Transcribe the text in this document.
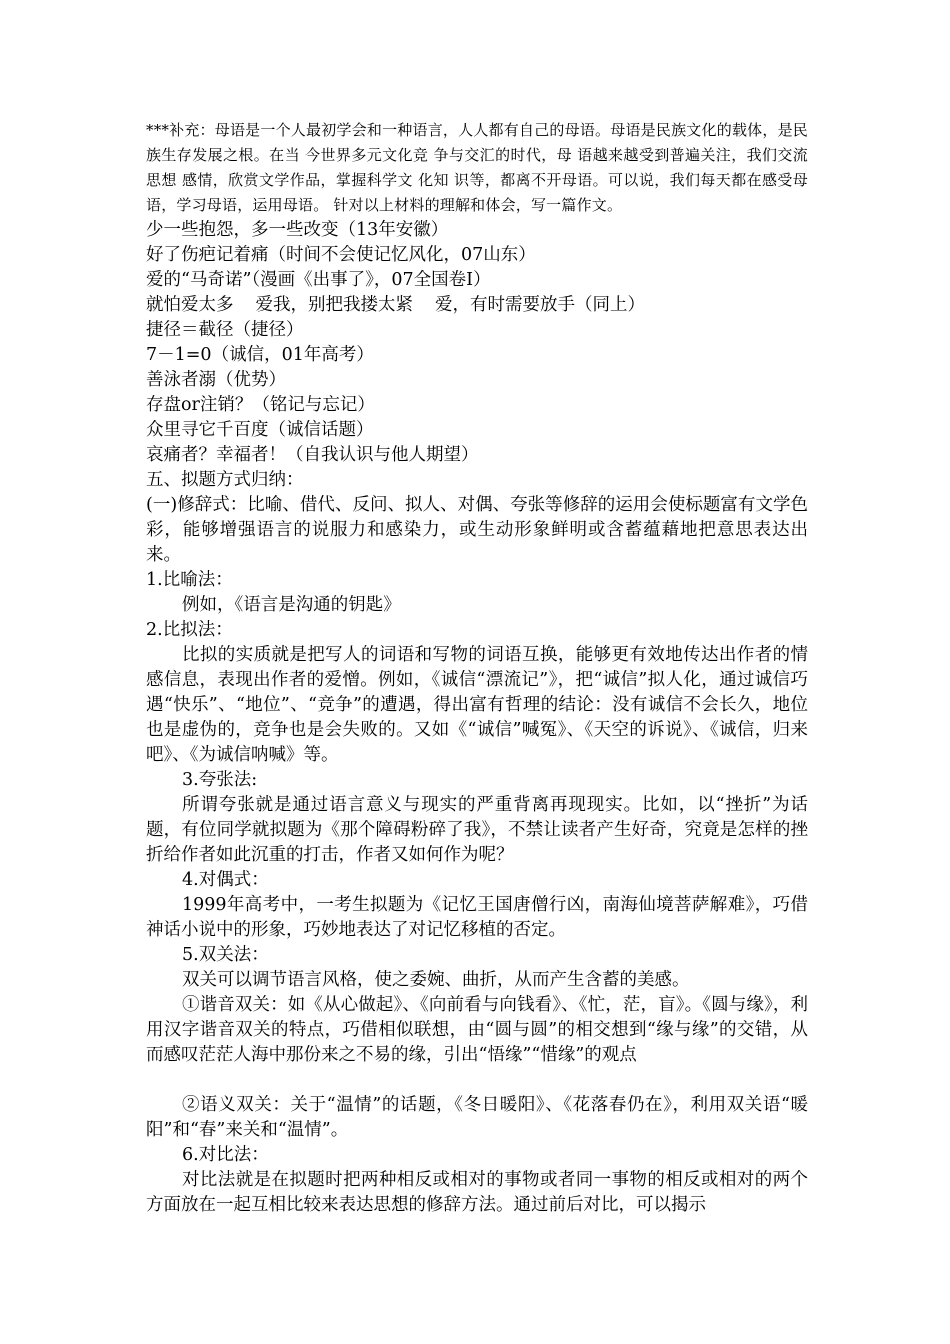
***补充：母语是一个人最初学会和一种语言，人人都有自己的母语。母语是民族文化的载体，是民族生存发展之根。在当 今世界多元文化竞 争与交汇的时代，母 语越来越受到普遍关注，我们交流思想 感情，欣赏文学作品，掌握科学文 化知 识等，都离不开母语。可以说，我们每天都在感受母语，学习母语，运用母语。 针对以上材料的理解和体会，写一篇作文。

少一些抱怨，多一些改变（13年安徽）

好了伤疤记着痛（时间不会使记忆风化，07山东）

爱的“马奇诺”（漫画《出事了》，07全国卷Ⅰ）

就怕爱太多 爱我，别把我搂太紧 爱，有时需要放手（同上）

捷径＝截径（捷径）

7－1=0（诚信，01年高考）

善泳者溺（优势）

存盘or注销？（铭记与忘记）

众里寻它千百度（诚信话题）

哀痛者？幸福者！（自我认识与他人期望）

五、拟题方式归纳：

(一)修辞式：比喻、借代、反问、拟人、对偶、夸张等修辞的运用会使标题富有文学色彩，能够增强语言的说服力和感染力，或生动形象鲜明或含蓄蕴藉地把意思表达出来。

1.比喻法：

例如，《语言是沟通的钥匙》

2.比拟法：

比拟的实质就是把写人的词语和写物的词语互换，能够更有效地传达出作者的情感信息，表现出作者的爱憎。例如，《诚信“漂流记”》，把“诚信”拟人化，通过诚信巧遇“快乐”、“地位”、“竞争”的遭遇，得出富有哲理的结论：没有诚信不会长久，地位也是虚伪的，竞争也是会失败的。又如《“诚信”喊冤》、《天空的诉说》、《诚信，归来吧》、《为诚信呐喊》等。

3.夸张法:

所谓夸张就是通过语言意义与现实的严重背离再现现实。比如，以“挫折”为话题，有位同学就拟题为《那个障碍粉碎了我》，不禁让读者产生好奇，究竟是怎样的挫折给作者如此沉重的打击，作者又如何作为呢？

4.对偶式：

1999年高考中，一考生拟题为《记忆王国唐僧行凶，南海仙境菩萨解难》，巧借神话小说中的形象，巧妙地表达了对记忆移植的否定。

5.双关法：

双关可以调节语言风格，使之委婉、曲折，从而产生含蓄的美感。

①谐音双关：如《从心做起》、《向前看与向钱看》、《忙，茫，盲》。《圆与缘》，利用汉字谐音双关的特点，巧借相似联想，由“圆与圆”的相交想到“缘与缘”的交错，从而感叹茫茫人海中那份来之不易的缘，引出“悟缘”“惜缘”的观点

②语义双关：关于“温情”的话题，《冬日暖阳》、《花落春仍在》，利用双关语“暖阳”和“春”来关和“温情”。

6.对比法：

对比法就是在拟题时把两种相反或相对的事物或者同一事物的相反或相对的两个方面放在一起互相比较来表达思想的修辞方法。通过前后对比，可以揭示
